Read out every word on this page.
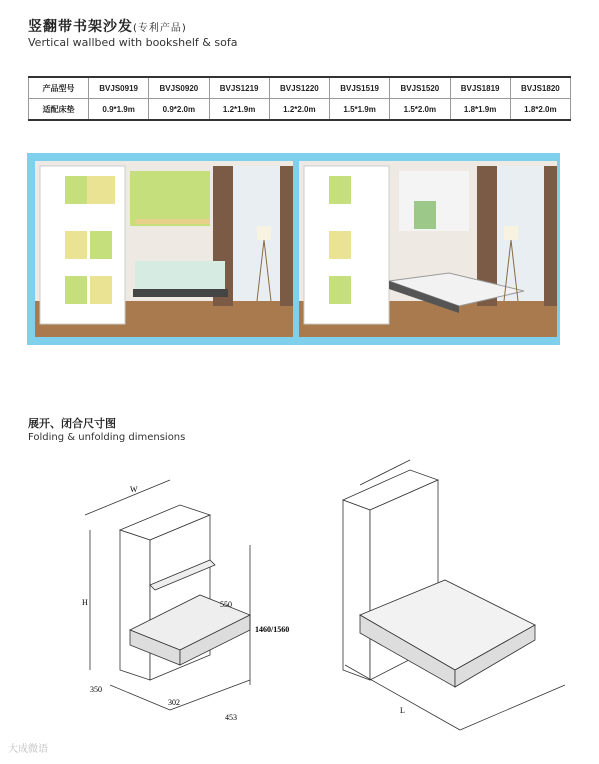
竖翻带书架沙发(专利产品)
Vertical wallbed with bookshelf & sofa
产品型号	BVJS0919	BVJS0920	BVJS1219	BVJS1220	BVJS1519	BVJS1520	BVJS1819	BVJS1820
适配床垫	0.9*1.9m	0.9*2.0m	1.2*1.9m	1.2*2.0m	1.5*1.9m	1.5*2.0m	1.8*1.9m	1.8*2.0m
展开、闭合尺寸图
Folding & unfolding dimensions
H
W
350
550
302
453
1460/1560
L
大成微语
